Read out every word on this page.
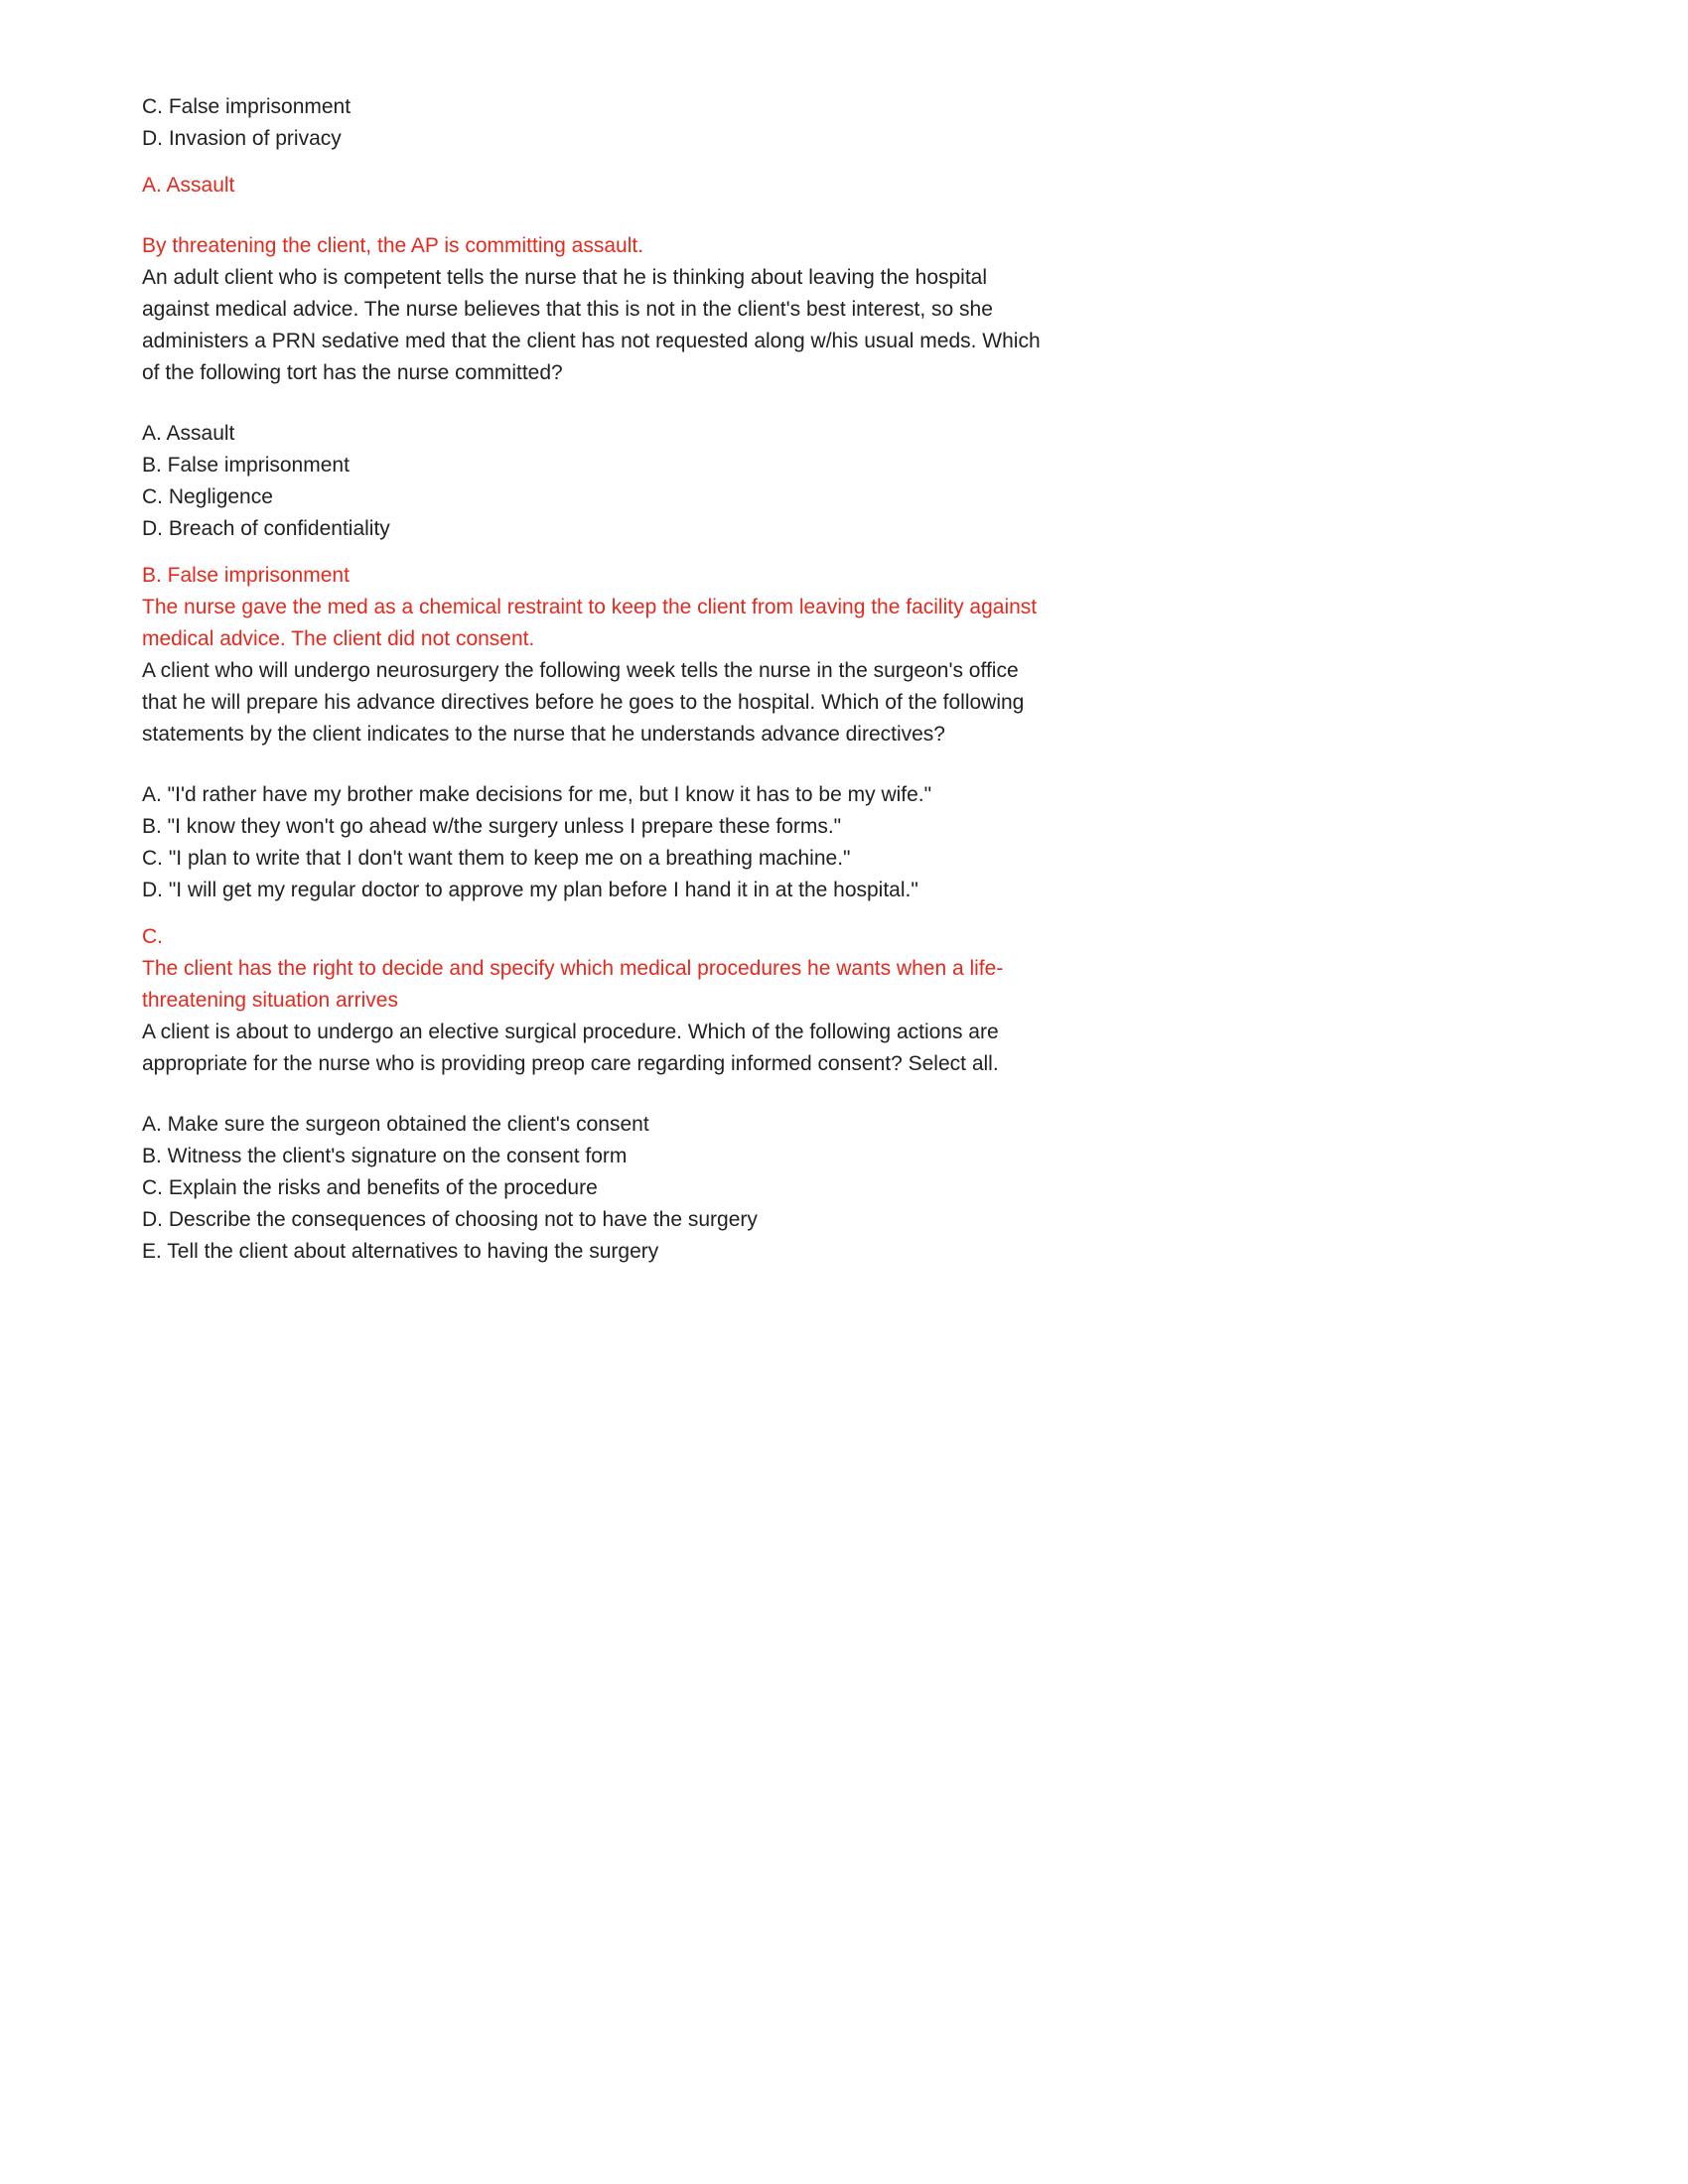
C. False imprisonment
D. Invasion of privacy
A. Assault
By threatening the client, the AP is committing assault.

An adult client who is competent tells the nurse that he is thinking about leaving the hospital against medical advice. The nurse believes that this is not in the client's best interest, so she administers a PRN sedative med that the client has not requested along w/his usual meds. Which of the following tort has the nurse committed?

A. Assault
B. False imprisonment
C. Negligence
D. Breach of confidentiality
B. False imprisonment

The nurse gave the med as a chemical restraint to keep the client from leaving the facility against medical advice. The client did not consent.

A client who will undergo neurosurgery the following week tells the nurse in the surgeon's office that he will prepare his advance directives before he goes to the hospital. Which of the following statements by the client indicates to the nurse that he understands advance directives?

A. "I'd rather have my brother make decisions for me, but I know it has to be my wife."
B. "I know they won't go ahead w/the surgery unless I prepare these forms."
C. "I plan to write that I don't want them to keep me on a breathing machine."
D. "I will get my regular doctor to approve my plan before I hand it in at the hospital."
C.

The client has the right to decide and specify which medical procedures he wants when a life-threatening situation arrives

A client is about to undergo an elective surgical procedure. Which of the following actions are appropriate for the nurse who is providing preop care regarding informed consent? Select all.

A. Make sure the surgeon obtained the client's consent
B. Witness the client's signature on the consent form
C. Explain the risks and benefits of the procedure
D. Describe the consequences of choosing not to have the surgery
E. Tell the client about alternatives to having the surgery
